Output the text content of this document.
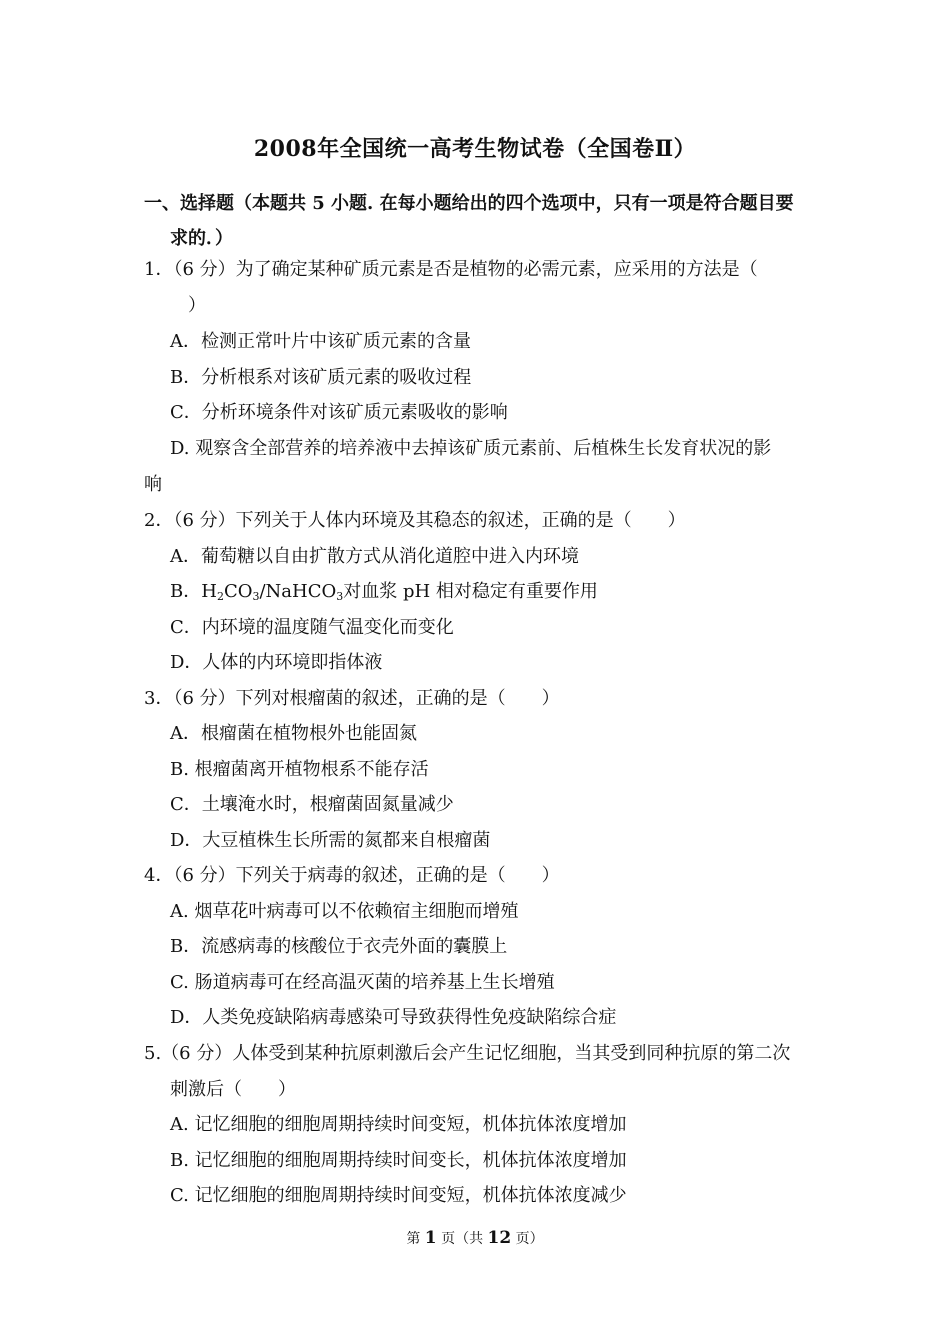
2008年全国统一高考生物试卷（全国卷Ⅱ）
一、选择题（本题共 5 小题. 在每小题给出的四个选项中，只有一项是符合题目要
求的．）
1．（6 分）为了确定某种矿质元素是否是植物的必需元素，应采用的方法是（
）
A．检测正常叶片中该矿质元素的含量
B．分析根系对该矿质元素的吸收过程
C．分析环境条件对该矿质元素吸收的影响
D. 观察含全部营养的培养液中去掉该矿质元素前、后植株生长发育状况的影
响
2．（6 分）下列关于人体内环境及其稳态的叙述，正确的是（　　）
A．葡萄糖以自由扩散方式从消化道腔中进入内环境
B．$H_2CO_3/NaHCO_3$对血浆 pH 相对稳定有重要作用
C．内环境的温度随气温变化而变化
D．人体的内环境即指体液
3．（6 分）下列对根瘤菌的叙述，正确的是（　　）
A．根瘤菌在植物根外也能固氮
B. 根瘤菌离开植物根系不能存活
C．土壤淹水时，根瘤菌固氮量减少
D．大豆植株生长所需的氮都来自根瘤菌
4．（6 分）下列关于病毒的叙述，正确的是（　　）
A. 烟草花叶病毒可以不依赖宿主细胞而增殖
B．流感病毒的核酸位于衣壳外面的囊膜上
C. 肠道病毒可在经高温灭菌的培养基上生长增殖
D．人类免疫缺陷病毒感染可导致获得性免疫缺陷综合症
5.（6 分）人体受到某种抗原刺激后会产生记忆细胞，当其受到同种抗原的第二次
刺激后（　　）
A. 记忆细胞的细胞周期持续时间变短，机体抗体浓度增加
B. 记忆细胞的细胞周期持续时间变长，机体抗体浓度增加
C. 记忆细胞的细胞周期持续时间变短，机体抗体浓度减少
第 1 页（共 12 页）
